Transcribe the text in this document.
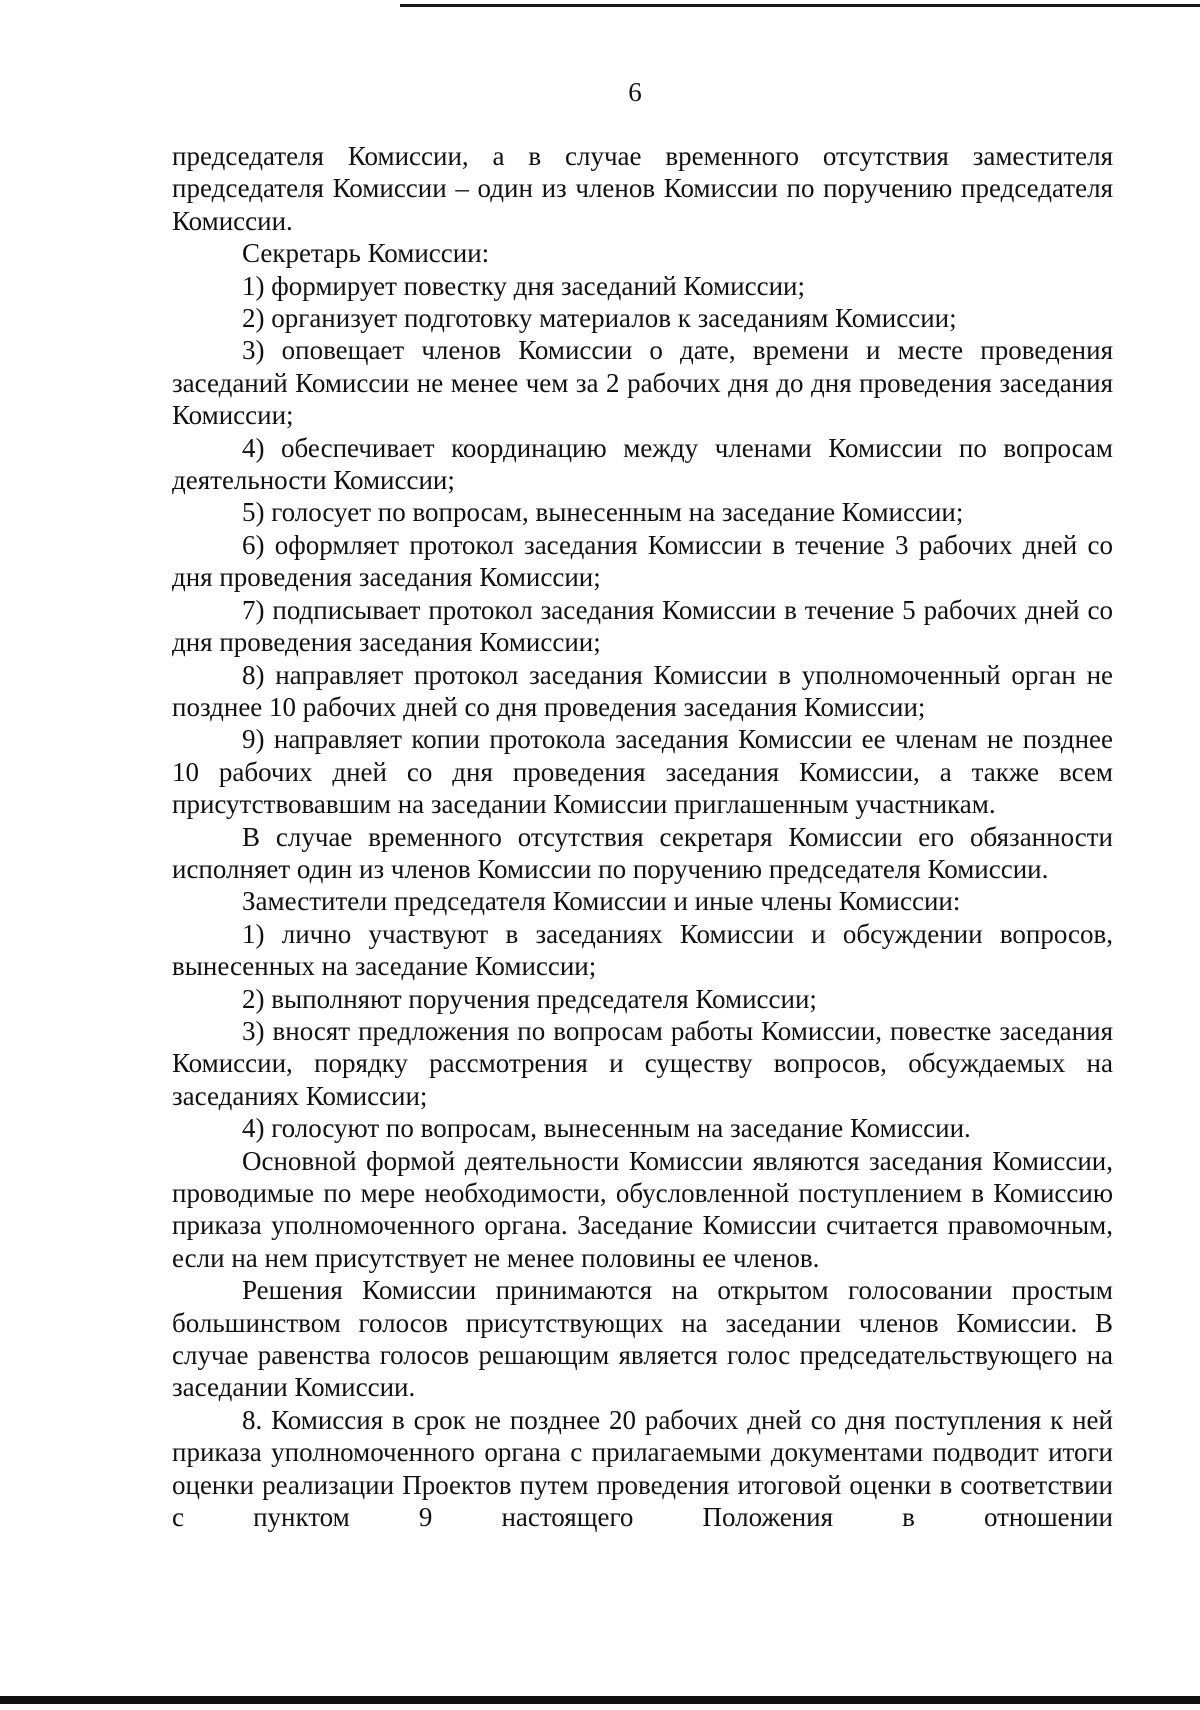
6

председателя Комиссии, а в случае временного отсутствия заместителя председателя Комиссии – один из членов Комиссии по поручению председателя Комиссии.

Секретарь Комиссии:

1) формирует повестку дня заседаний Комиссии;

2) организует подготовку материалов к заседаниям Комиссии;

3) оповещает членов Комиссии о дате, времени и месте проведения заседаний Комиссии не менее чем за 2 рабочих дня до дня проведения заседания Комиссии;

4) обеспечивает координацию между членами Комиссии по вопросам деятельности Комиссии;

5) голосует по вопросам, вынесенным на заседание Комиссии;

6) оформляет протокол заседания Комиссии в течение 3 рабочих дней со дня проведения заседания Комиссии;

7) подписывает протокол заседания Комиссии в течение 5 рабочих дней со дня проведения заседания Комиссии;

8) направляет протокол заседания Комиссии в уполномоченный орган не позднее 10 рабочих дней со дня проведения заседания Комиссии;

9) направляет копии протокола заседания Комиссии ее членам не позднее 10 рабочих дней со дня проведения заседания Комиссии, а также всем присутствовавшим на заседании Комиссии приглашенным участникам.

В случае временного отсутствия секретаря Комиссии его обязанности исполняет один из членов Комиссии по поручению председателя Комиссии.

Заместители председателя Комиссии и иные члены Комиссии:

1) лично участвуют в заседаниях Комиссии и обсуждении вопросов, вынесенных на заседание Комиссии;

2) выполняют поручения председателя Комиссии;

3) вносят предложения по вопросам работы Комиссии, повестке заседания Комиссии, порядку рассмотрения и существу вопросов, обсуждаемых на заседаниях Комиссии;

4) голосуют по вопросам, вынесенным на заседание Комиссии.

Основной формой деятельности Комиссии являются заседания Комиссии, проводимые по мере необходимости, обусловленной поступлением в Комиссию приказа уполномоченного органа. Заседание Комиссии считается правомочным, если на нем присутствует не менее половины ее членов.

Решения Комиссии принимаются на открытом голосовании простым большинством голосов присутствующих на заседании членов Комиссии. В случае равенства голосов решающим является голос председательствующего на заседании Комиссии.

8. Комиссия в срок не позднее 20 рабочих дней со дня поступления к ней приказа уполномоченного органа с прилагаемыми документами подводит итоги оценки реализации Проектов путем проведения итоговой оценки в соответствии с пунктом 9 настоящего Положения в отношении
